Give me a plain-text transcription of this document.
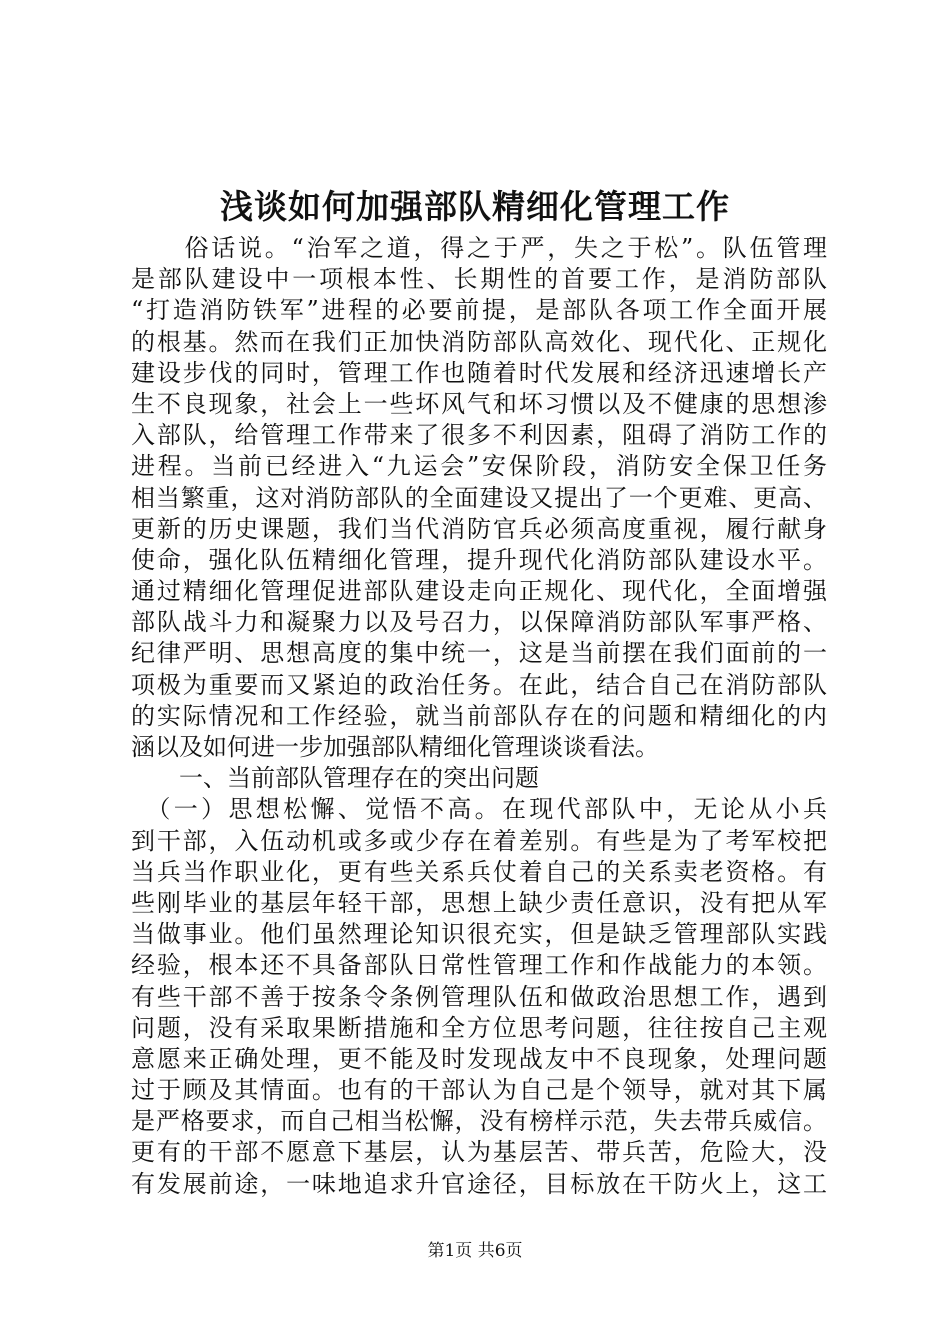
浅谈如何加强部队精细化管理工作
　　俗话说。“治军之道，得之于严，失之于松”。队伍管理
是部队建设中一项根本性、长期性的首要工作，是消防部队
“打造消防铁军”进程的必要前提，是部队各项工作全面开展
的根基。然而在我们正加快消防部队高效化、现代化、正规化
建设步伐的同时，管理工作也随着时代发展和经济迅速增长产
生不良现象，社会上一些坏风气和坏习惯以及不健康的思想渗
入部队，给管理工作带来了很多不利因素，阻碍了消防工作的
进程。当前已经进入“九运会”安保阶段，消防安全保卫任务
相当繁重，这对消防部队的全面建设又提出了一个更难、更高、
更新的历史课题，我们当代消防官兵必须高度重视，履行献身
使命，强化队伍精细化管理，提升现代化消防部队建设水平。
通过精细化管理促进部队建设走向正规化、现代化，全面增强
部队战斗力和凝聚力以及号召力，以保障消防部队军事严格、
纪律严明、思想高度的集中统一，这是当前摆在我们面前的一
项极为重要而又紧迫的政治任务。在此，结合自己在消防部队
的实际情况和工作经验，就当前部队存在的问题和精细化的内
涵以及如何进一步加强部队精细化管理谈谈看法。
　　一、当前部队管理存在的突出问题
　（一）思想松懈、觉悟不高。在现代部队中，无论从小兵
到干部，入伍动机或多或少存在着差别。有些是为了考军校把
当兵当作职业化，更有些关系兵仗着自己的关系卖老资格。有
些刚毕业的基层年轻干部，思想上缺少责任意识，没有把从军
当做事业。他们虽然理论知识很充实，但是缺乏管理部队实践
经验，根本还不具备部队日常性管理工作和作战能力的本领。
有些干部不善于按条令条例管理队伍和做政治思想工作，遇到
问题，没有采取果断措施和全方位思考问题，往往按自己主观
意愿来正确处理，更不能及时发现战友中不良现象，处理问题
过于顾及其情面。也有的干部认为自己是个领导，就对其下属
是严格要求，而自己相当松懈，没有榜样示范，失去带兵威信。
更有的干部不愿意下基层，认为基层苦、带兵苦，危险大，没
有发展前途，一味地追求升官途径，目标放在干防火上，这工
第1页 共6页
